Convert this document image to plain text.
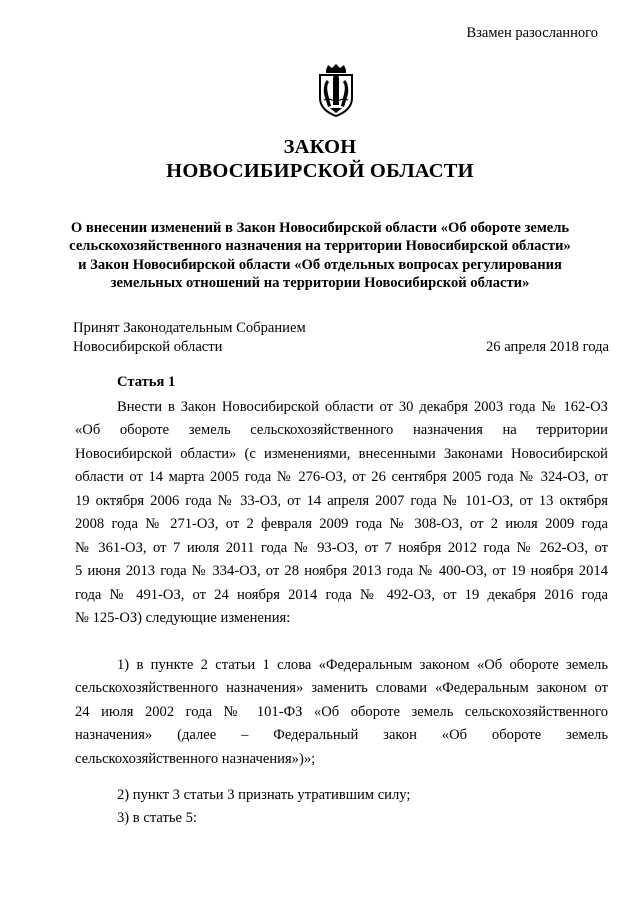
Взамен разосланного
ЗАКОН
НОВОСИБИРСКОЙ ОБЛАСТИ
О внесении изменений в Закон Новосибирской области «Об обороте земель
сельскохозяйственного назначения на территории Новосибирской области»
и Закон Новосибирской области «Об отдельных вопросах регулирования
земельных отношений на территории Новосибирской области»
Принят Законодательным Собранием
Новосибирской области	26 апреля 2018 года
Статья 1
Внести в Закон Новосибирской области от 30 декабря 2003 года № 162-ОЗ
«Об обороте земель сельскохозяйственного назначения на территории
Новосибирской области» (с изменениями, внесенными Законами Новосибирской
области от 14 марта 2005 года № 276-ОЗ, от 26 сентября 2005 года № 324-ОЗ, от
19 октября 2006 года № 33-ОЗ, от 14 апреля 2007 года № 101-ОЗ, от 13 октября
2008 года № 271-ОЗ, от 2 февраля 2009 года № 308-ОЗ, от 2 июля 2009 года
№ 361-ОЗ, от 7 июля 2011 года № 93-ОЗ, от 7 ноября 2012 года № 262-ОЗ, от
5 июня 2013 года № 334-ОЗ, от 28 ноября 2013 года № 400-ОЗ, от 19 ноября 2014
года № 491-ОЗ, от 24 ноября 2014 года № 492-ОЗ, от 19 декабря 2016 года
№ 125-ОЗ) следующие изменения:
1) в пункте 2 статьи 1 слова «Федеральным законом «Об обороте земель
сельскохозяйственного назначения» заменить словами «Федеральным законом от
24 июля 2002 года № 101-ФЗ «Об обороте земель сельскохозяйственного
назначения» (далее – Федеральный закон «Об обороте земель
сельскохозяйственного назначения»)»;
2) пункт 3 статьи 3 признать утратившим силу;
3) в статье 5:
